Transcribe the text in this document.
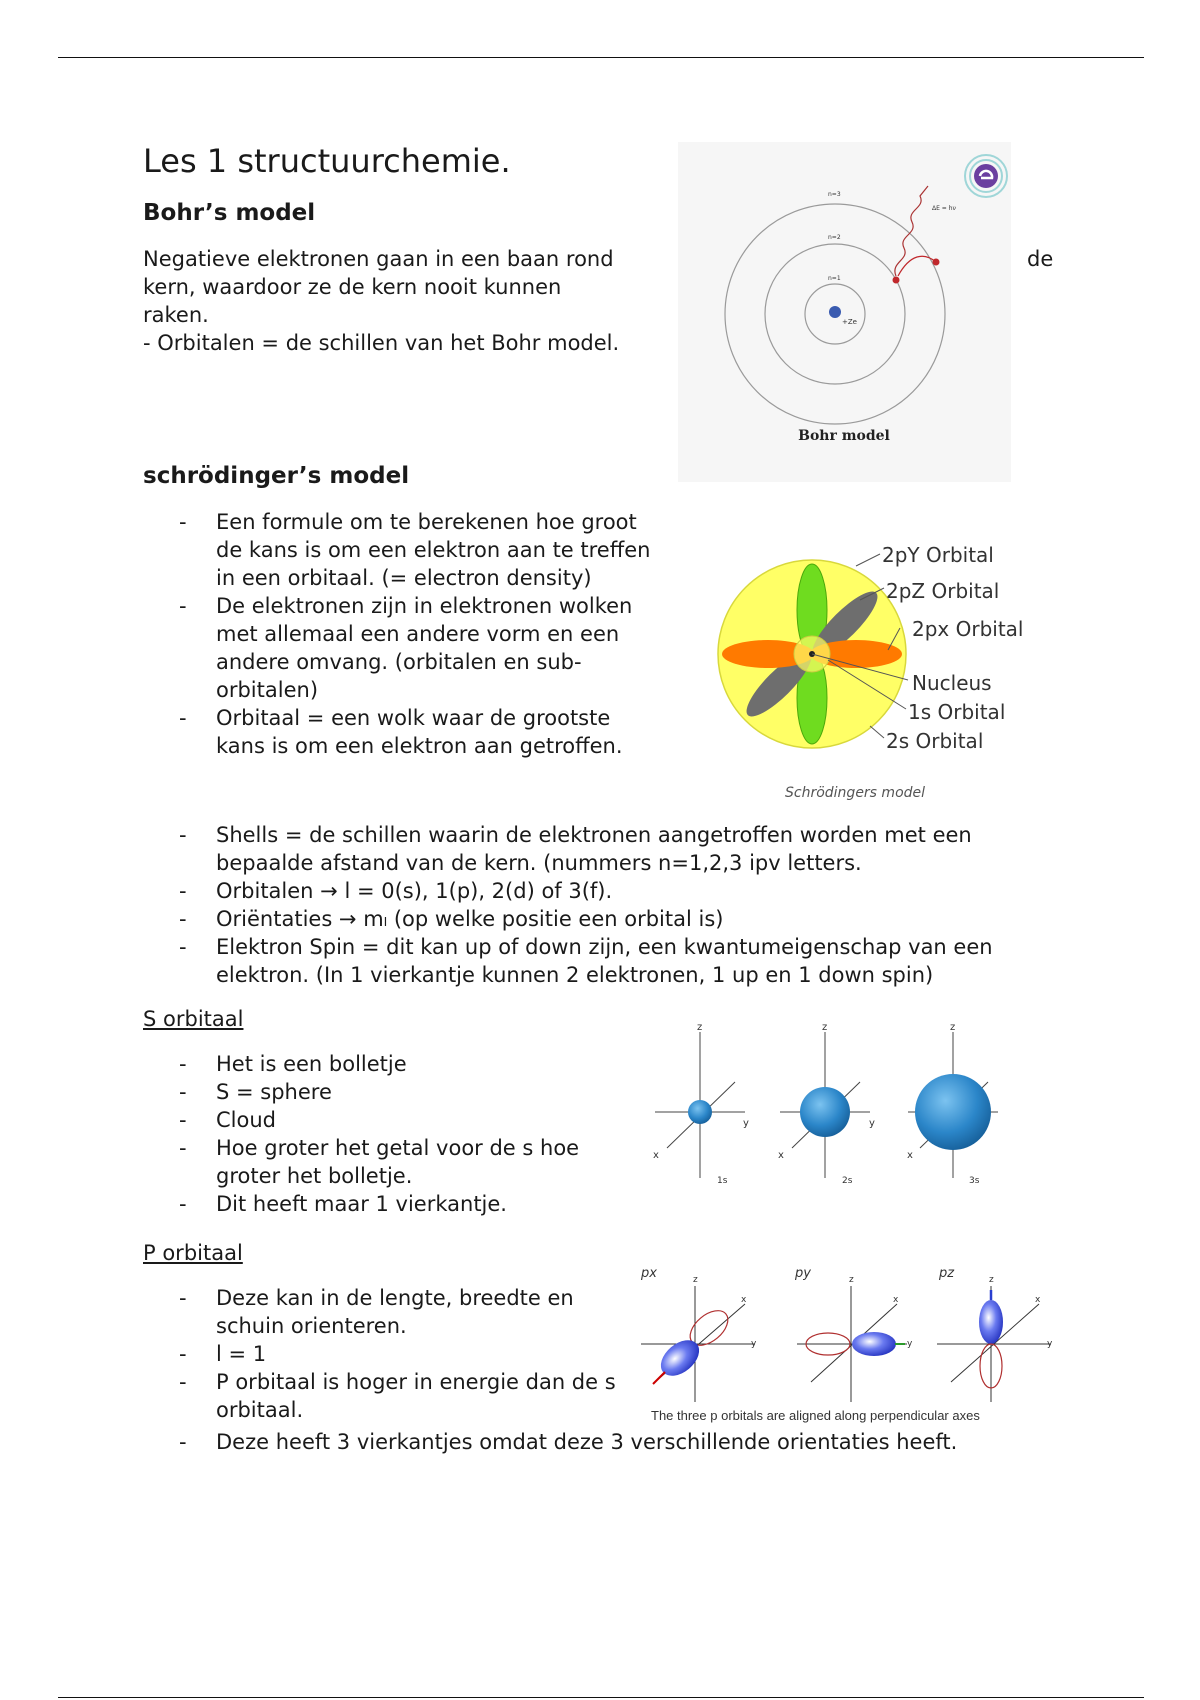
Les 1 structuurchemie.
Bohr’s model
Negatieve elektronen gaan in een baan rond
kern, waardoor ze de kern nooit kunnen
raken.
- Orbitalen = de schillen van het Bohr model.
de
+Ze
n=3
n=2
n=1
ΔE = hν
Bohr model
schrödinger’s model
- Een formule om te berekenen hoe groot de kans is om een elektron aan te treffen in een orbitaal. (= electron density)
- De elektronen zijn in elektronen wolken met allemaal een andere vorm en een andere omvang. (orbitalen en sub-orbitalen)
- Orbitaal = een wolk waar de grootste kans is om een elektron aan getroffen.
- Shells = de schillen waarin de elektronen aangetroffen worden met een bepaalde afstand van de kern. (nummers n=1,2,3 ipv letters.
- Orbitalen → l = 0(s), 1(p), 2(d) of 3(f).
- Oriëntaties → mₗ (op welke positie een orbital is)
- Elektron Spin = dit kan up of down zijn, een kwantumeigenschap van een elektron. (In 1 vierkantje kunnen 2 elektronen, 1 up en 1 down spin)
2pY Orbital
2pZ Orbital
2px Orbital
Nucleus
1s Orbital
2s Orbital
Schrödingers model
S orbitaal
- Het is een bolletje
- S = sphere
- Cloud
- Hoe groter het getal voor de s hoe groter het bolletje.
- Dit heeft maar 1 vierkantje.
z
y
x
1s
z
y
x
2s
z
x
3s
P orbitaal
- Deze kan in de lengte, breedte en schuin orienteren.
- l = 1
- P orbitaal is hoger in energie dan de s orbitaal.
- Deze heeft 3 vierkantjes omdat deze 3 verschillende orientaties heeft.
px	z
y
x
py	z
y
x
pz	z
y
x
The three p orbitals are aligned along perpendicular axes
